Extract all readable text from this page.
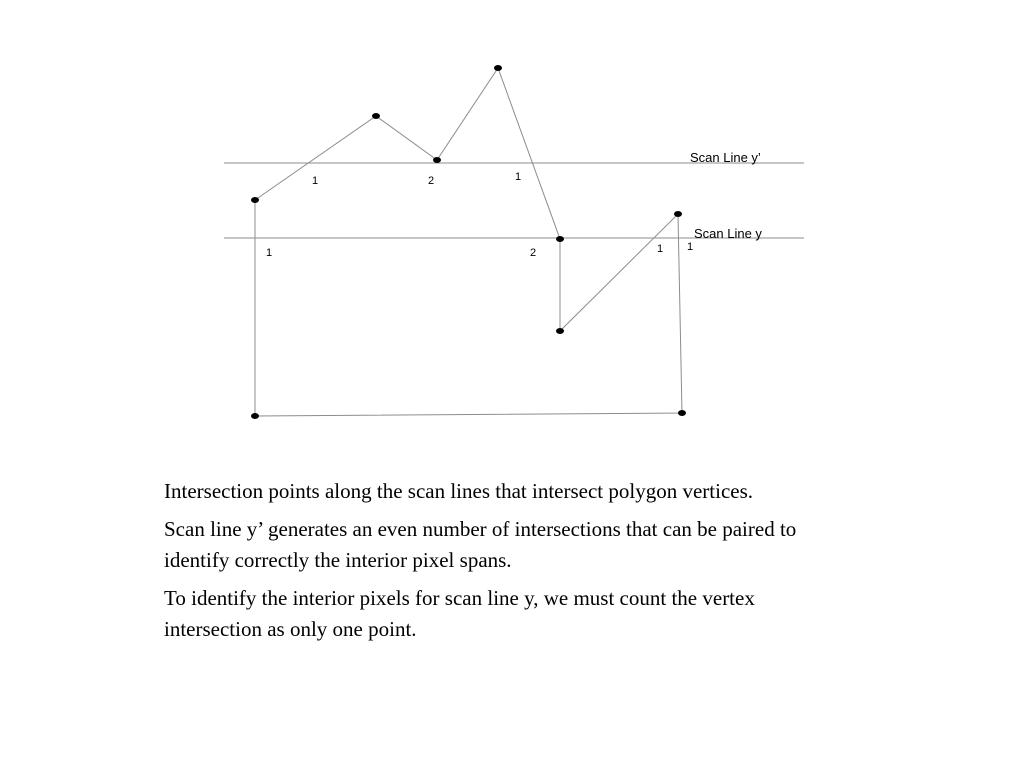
Scan Line y’
Scan Line y
1	2	1
1	2	1 1

Intersection points along the scan lines that intersect polygon vertices.

Scan line y’ generates an even number of intersections that can be paired to identify correctly the interior pixel spans.

To identify the interior pixels for scan line y, we must count the vertex intersection as only one point.
